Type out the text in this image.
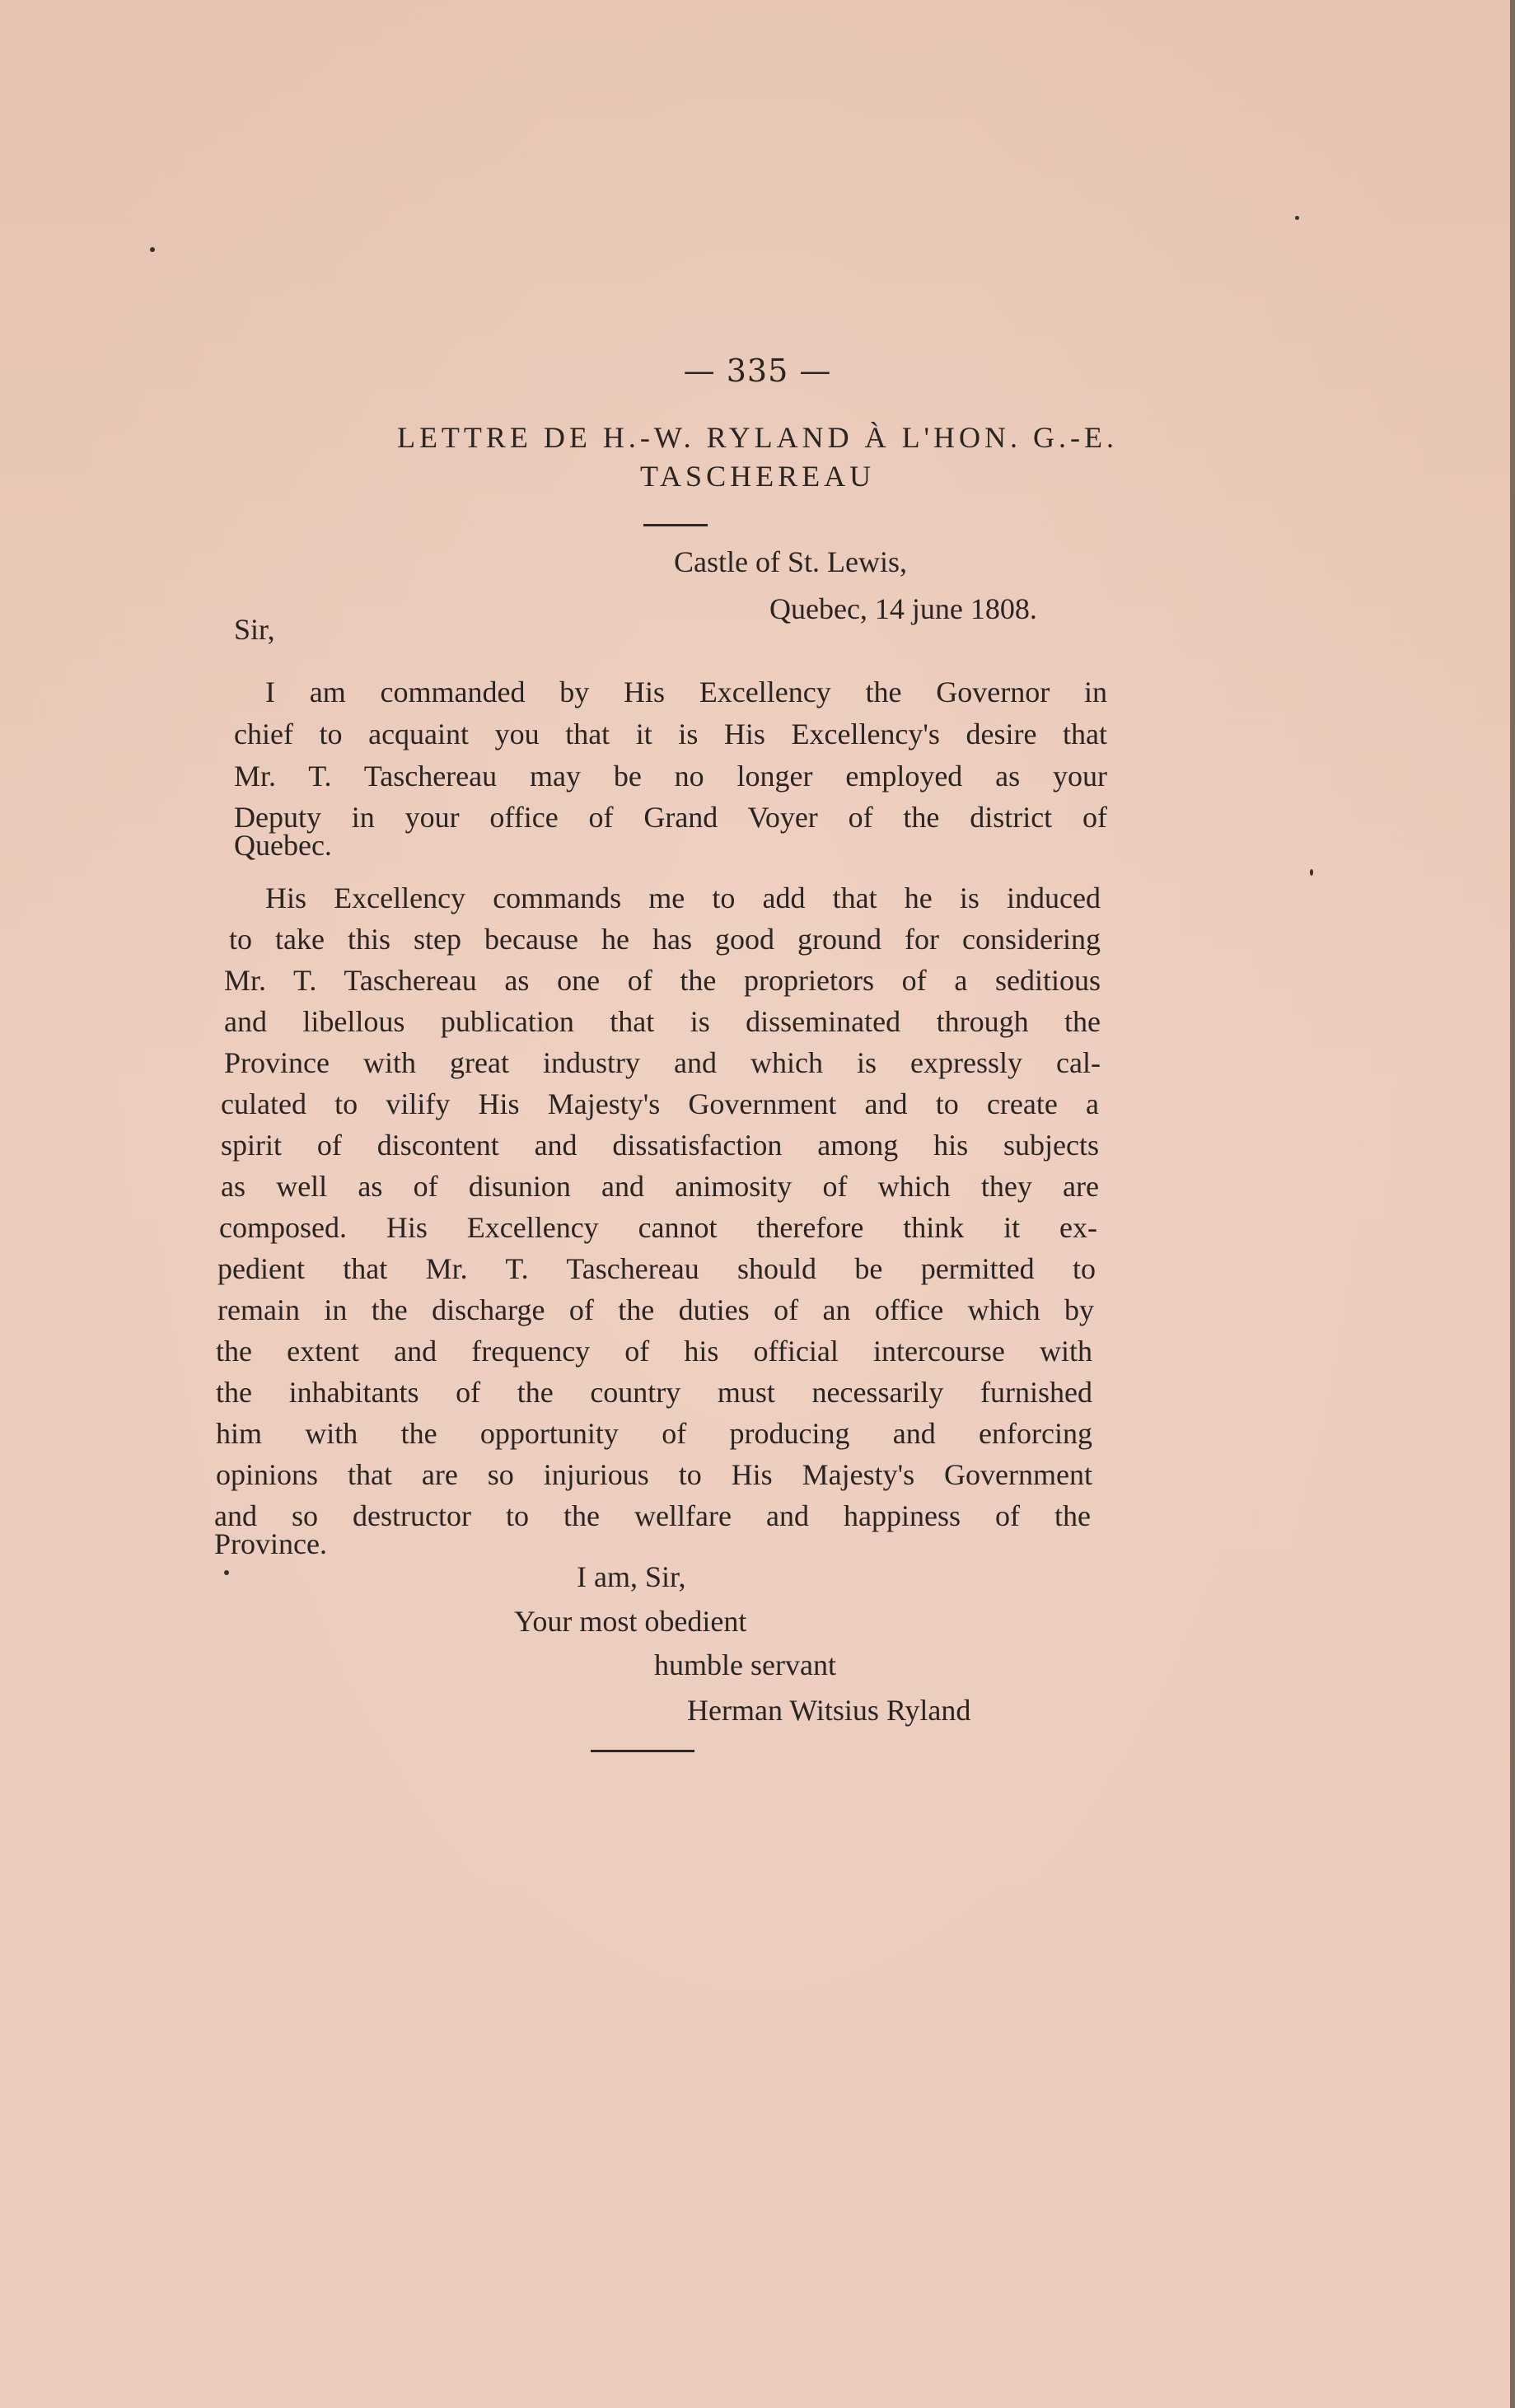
— 335 —
LETTRE DE H.-W. RYLAND À L'HON. G.-E.
TASCHEREAU
Castle of St. Lewis,
Quebec, 14 june 1808.
Sir,
I am commanded by His Excellency the Governor in
chief to acquaint you that it is His Excellency's desire that
Mr. T. Taschereau may be no longer employed as your
Deputy in your office of Grand Voyer of the district of
Quebec.
His Excellency commands me to add that he is induced
to take this step because he has good ground for considering
Mr. T. Taschereau as one of the proprietors of a seditious
and libellous publication that is disseminated through the
Province with great industry and which is expressly cal-
culated to vilify His Majesty's Government and to create a
spirit of discontent and dissatisfaction among his subjects
as well as of disunion and animosity of which they are
composed. His Excellency cannot therefore think it ex-
pedient that Mr. T. Taschereau should be permitted to
remain in the discharge of the duties of an office which by
the extent and frequency of his official intercourse with
the inhabitants of the country must necessarily furnished
him with the opportunity of producing and enforcing
opinions that are so injurious to His Majesty's Government
and so destructor to the wellfare and happiness of the
Province.
I am, Sir,
Your most obedient
humble servant
Herman Witsius Ryland
